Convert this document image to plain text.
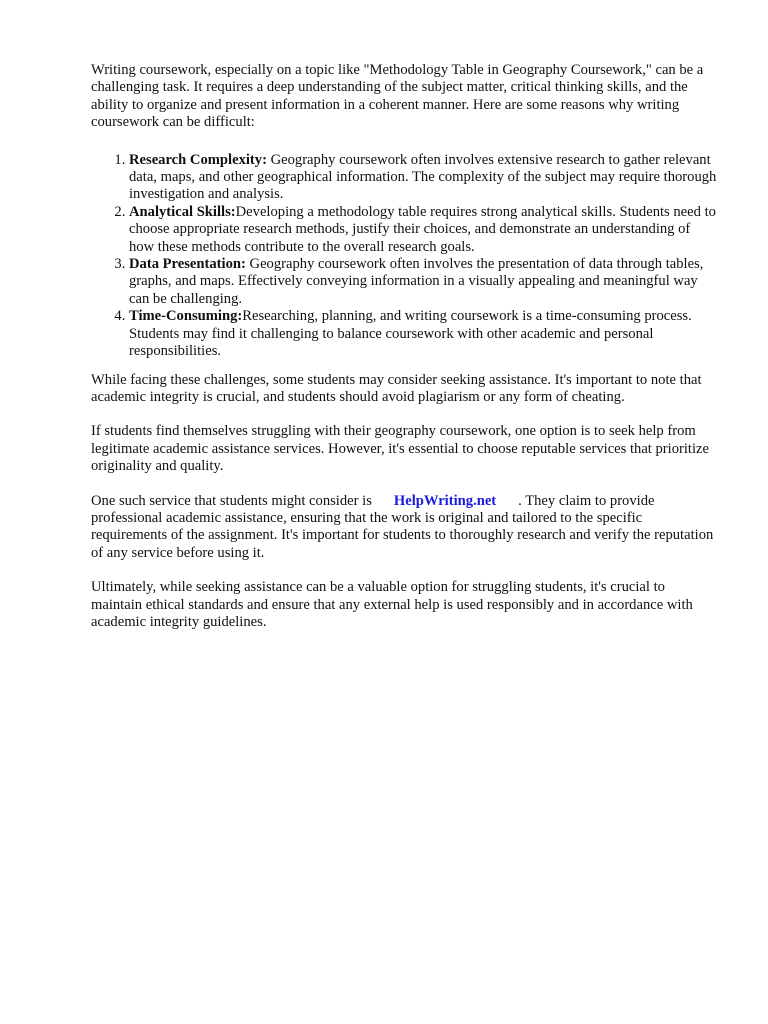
Writing coursework, especially on a topic like "Methodology Table in Geography Coursework," can be a challenging task. It requires a deep understanding of the subject matter, critical thinking skills, and the ability to organize and present information in a coherent manner. Here are some reasons why writing coursework can be difficult:

1. Research Complexity: Geography coursework often involves extensive research to gather relevant data, maps, and other geographical information. The complexity of the subject may require thorough investigation and analysis.
2. Analytical Skills:Developing a methodology table requires strong analytical skills. Students need to choose appropriate research methods, justify their choices, and demonstrate an understanding of how these methods contribute to the overall research goals.
3. Data Presentation: Geography coursework often involves the presentation of data through tables, graphs, and maps. Effectively conveying information in a visually appealing and meaningful way can be challenging.
4. Time-Consuming:Researching, planning, and writing coursework is a time-consuming process. Students may find it challenging to balance coursework with other academic and personal responsibilities.

While facing these challenges, some students may consider seeking assistance. It's important to note that academic integrity is crucial, and students should avoid plagiarism or any form of cheating.

If students find themselves struggling with their geography coursework, one option is to seek help from legitimate academic assistance services. However, it's essential to choose reputable services that prioritize originality and quality.

One such service that students might consider is HelpWriting.net . They claim to provide professional academic assistance, ensuring that the work is original and tailored to the specific requirements of the assignment. It's important for students to thoroughly research and verify the reputation of any service before using it.

Ultimately, while seeking assistance can be a valuable option for struggling students, it's crucial to maintain ethical standards and ensure that any external help is used responsibly and in accordance with academic integrity guidelines.
